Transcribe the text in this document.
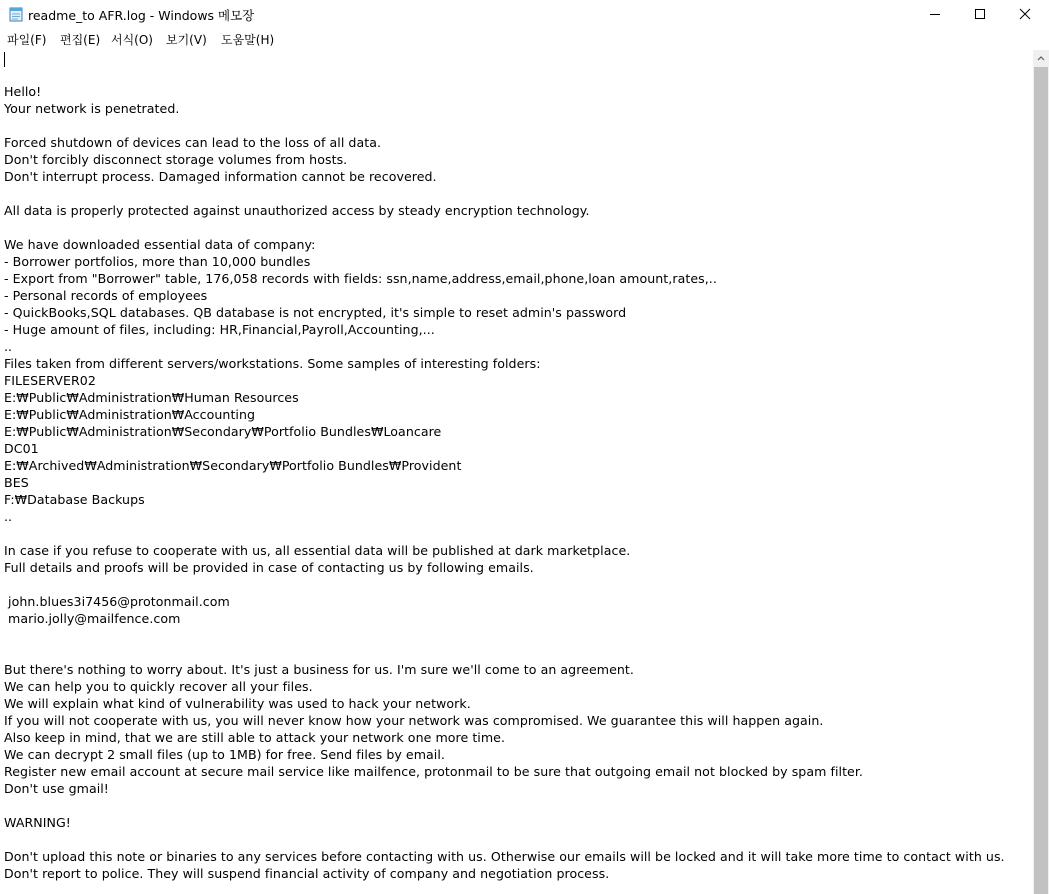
readme_to AFR.log - Windows 메모장
파일(F) 편집(E) 서식(O) 보기(V) 도움말(H)
Hello!
Your network is penetrated.
Forced shutdown of devices can lead to the loss of all data.
Don't forcibly disconnect storage volumes from hosts.
Don't interrupt process. Damaged information cannot be recovered.
All data is properly protected against unauthorized access by steady encryption technology.
We have downloaded essential data of company:
- Borrower portfolios, more than 10,000 bundles
- Export from "Borrower" table, 176,058 records with fields: ssn,name,address,email,phone,loan amount,rates,..
- Personal records of employees
- QuickBooks,SQL databases. QB database is not encrypted, it's simple to reset admin's password
- Huge amount of files, including: HR,Financial,Payroll,Accounting,...
..
Files taken from different servers/workstations. Some samples of interesting folders:
FILESERVER02
E:₩Public₩Administration₩Human Resources
E:₩Public₩Administration₩Accounting
E:₩Public₩Administration₩Secondary₩Portfolio Bundles₩Loancare
DC01
E:₩Archived₩Administration₩Secondary₩Portfolio Bundles₩Provident
BES
F:₩Database Backups
..
In case if you refuse to cooperate with us, all essential data will be published at dark marketplace.
Full details and proofs will be provided in case of contacting us by following emails.
john.blues3i7456@protonmail.com
mario.jolly@mailfence.com
But there's nothing to worry about. It's just a business for us. I'm sure we'll come to an agreement.
We can help you to quickly recover all your files.
We will explain what kind of vulnerability was used to hack your network.
If you will not cooperate with us, you will never know how your network was compromised. We guarantee this will happen again.
Also keep in mind, that we are still able to attack your network one more time.
We can decrypt 2 small files (up to 1MB) for free. Send files by email.
Register new email account at secure mail service like mailfence, protonmail to be sure that outgoing email not blocked by spam filter.
Don't use gmail!
WARNING!
Don't upload this note or binaries to any services before contacting with us. Otherwise our emails will be locked and it will take more time to contact with us.
Don't report to police. They will suspend financial activity of company and negotiation process.
